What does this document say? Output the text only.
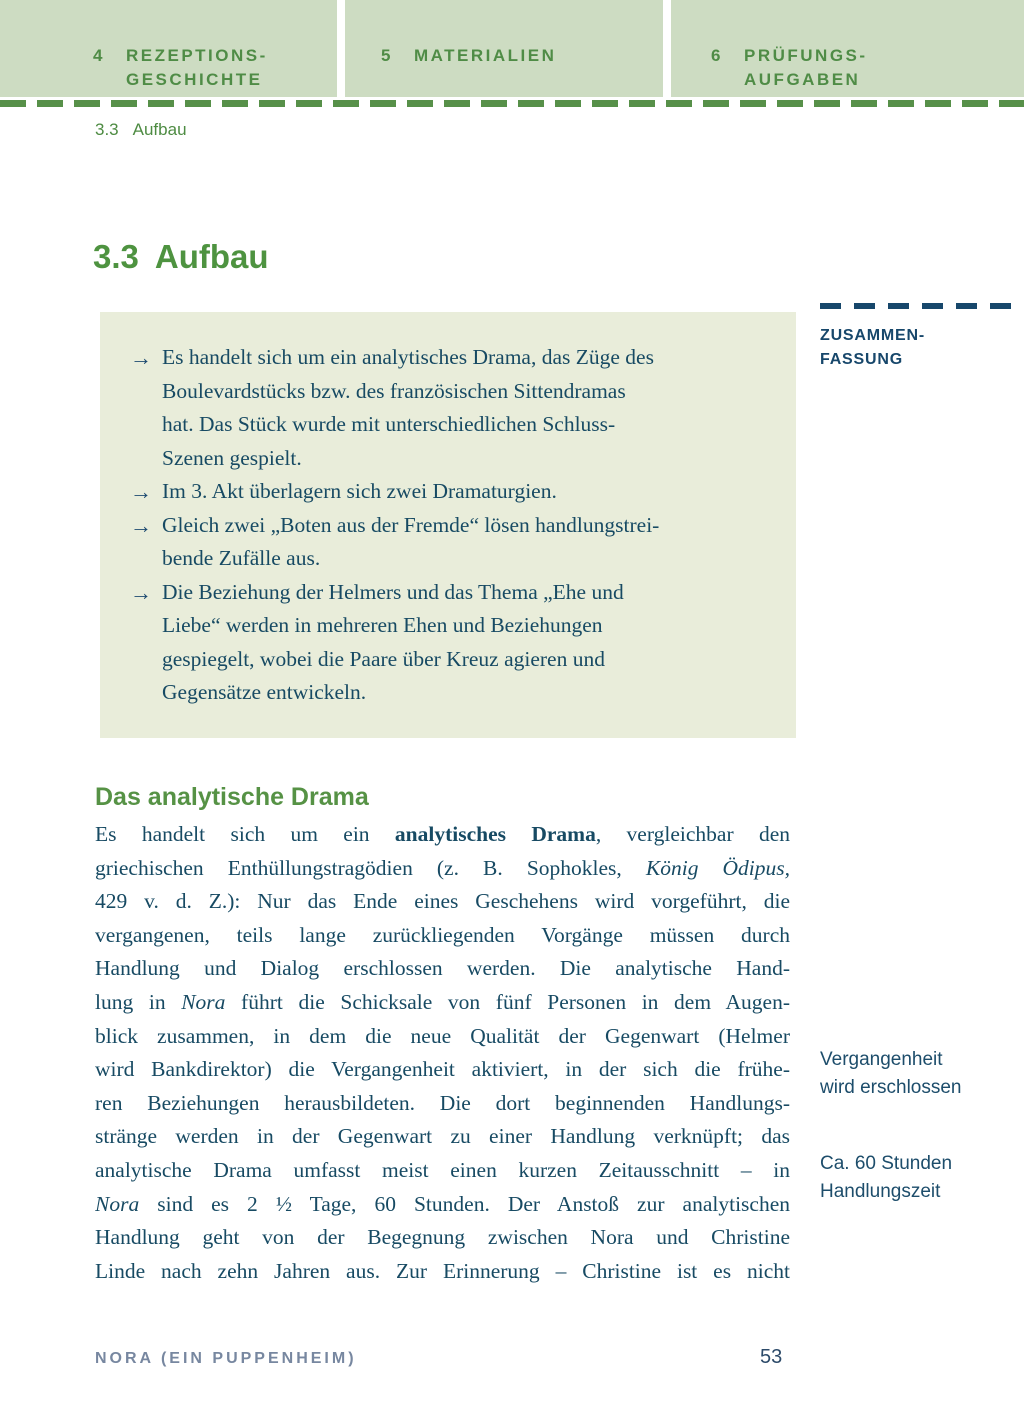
4	REZEPTIONS-
GESCHICHTE
5	MATERIALIEN	6	PRÜFUNGS-
AUFGABEN
3.3 Aufbau
3.3 Aufbau
→ Es handelt sich um ein analytisches Drama, das Züge des
Boulevardstücks bzw. des französischen Sittendramas
hat. Das Stück wurde mit unterschiedlichen Schluss-
Szenen gespielt.
→ Im 3. Akt überlagern sich zwei Dramaturgien.
→ Gleich zwei „Boten aus der Fremde“ lösen handlungstrei-
bende Zufälle aus.
→ Die Beziehung der Helmers und das Thema „Ehe und
Liebe“ werden in mehreren Ehen und Beziehungen
gespiegelt, wobei die Paare über Kreuz agieren und
Gegensätze entwickeln.
ZUSAMMEN-
FASSUNG
Vergangenheit
wird erschlossen
Ca. 60 Stunden
Handlungszeit
Das analytische Drama
Es handelt sich um ein analytisches Drama, vergleichbar den
griechischen Enthüllungstragödien (z. B. Sophokles, König Ödipus,
429 v. d. Z.): Nur das Ende eines Geschehens wird vorgeführt, die
vergangenen, teils lange zurückliegenden Vorgänge müssen durch
Handlung und Dialog erschlossen werden. Die analytische Hand-
lung in Nora führt die Schicksale von fünf Personen in dem Augen-
blick zusammen, in dem die neue Qualität der Gegenwart (Helmer
wird Bankdirektor) die Vergangenheit aktiviert, in der sich die frühe-
ren Beziehungen herausbildeten. Die dort beginnenden Handlungs-
stränge werden in der Gegenwart zu einer Handlung verknüpft; das
analytische Drama umfasst meist einen kurzen Zeitausschnitt – in
Nora sind es 2 ½ Tage, 60 Stunden. Der Anstoß zur analytischen
Handlung geht von der Begegnung zwischen Nora und Christine
Linde nach zehn Jahren aus. Zur Erinnerung – Christine ist es nicht
NORA (EIN PUPPENHEIM)	53
